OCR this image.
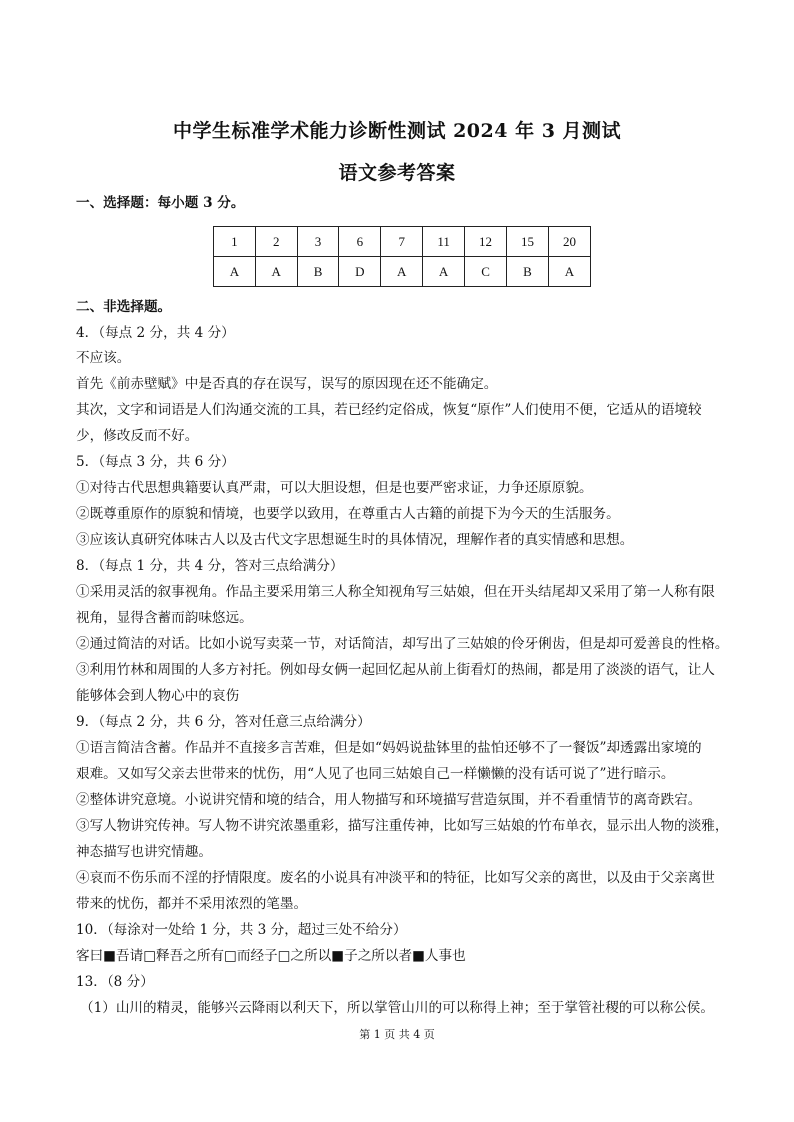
中学生标准学术能力诊断性测试 2024 年 3 月测试
语文参考答案
一、选择题：每小题 3 分。
1	2	3	6	7	11	12	15	20
A	A	B	D	A	A	C	B	A
二、非选择题。
4．（每点 2 分，共 4 分）
不应该。
首先《前赤壁赋》中是否真的存在误写，误写的原因现在还不能确定。
其次，文字和词语是人们沟通交流的工具，若已经约定俗成，恢复“原作”人们使用不便，它适从的语境较
少，修改反而不好。
5．（每点 3 分，共 6 分）
①对待古代思想典籍要认真严肃，可以大胆设想，但是也要严密求证，力争还原原貌。
②既尊重原作的原貌和情境，也要学以致用，在尊重古人古籍的前提下为今天的生活服务。
③应该认真研究体味古人以及古代文字思想诞生时的具体情况，理解作者的真实情感和思想。
8．（每点 1 分，共 4 分，答对三点给满分）
①采用灵活的叙事视角。作品主要采用第三人称全知视角写三姑娘，但在开头结尾却又采用了第一人称有限
视角，显得含蓄而韵味悠远。
②通过简洁的对话。比如小说写卖菜一节，对话简洁，却写出了三姑娘的伶牙俐齿，但是却可爱善良的性格。
③利用竹林和周围的人多方衬托。例如母女俩一起回忆起从前上街看灯的热闹，都是用了淡淡的语气，让人
能够体会到人物心中的哀伤
9．（每点 2 分，共 6 分，答对任意三点给满分）
①语言简洁含蓄。作品并不直接多言苦难，但是如“妈妈说盐钵里的盐怕还够不了一餐饭”却透露出家境的
艰难。又如写父亲去世带来的忧伤，用“人见了也同三姑娘自己一样懒懒的没有话可说了”进行暗示。
②整体讲究意境。小说讲究情和境的结合，用人物描写和环境描写营造氛围，并不看重情节的离奇跌宕。
③写人物讲究传神。写人物不讲究浓墨重彩，描写注重传神，比如写三姑娘的竹布单衣，显示出人物的淡雅，
神态描写也讲究情趣。
④哀而不伤乐而不淫的抒情限度。废名的小说具有冲淡平和的特征，比如写父亲的离世，以及由于父亲离世
带来的忧伤，都并不采用浓烈的笔墨。
10．（每涂对一处给 1 分，共 3 分，超过三处不给分）
客曰■吾请□释吾之所有□而经子□之所以■子之所以者■人事也
13．（8 分）
（1）山川的精灵，能够兴云降雨以利天下，所以掌管山川的可以称得上神；至于掌管社稷的可以称公侯。
第 1 页 共 4 页
